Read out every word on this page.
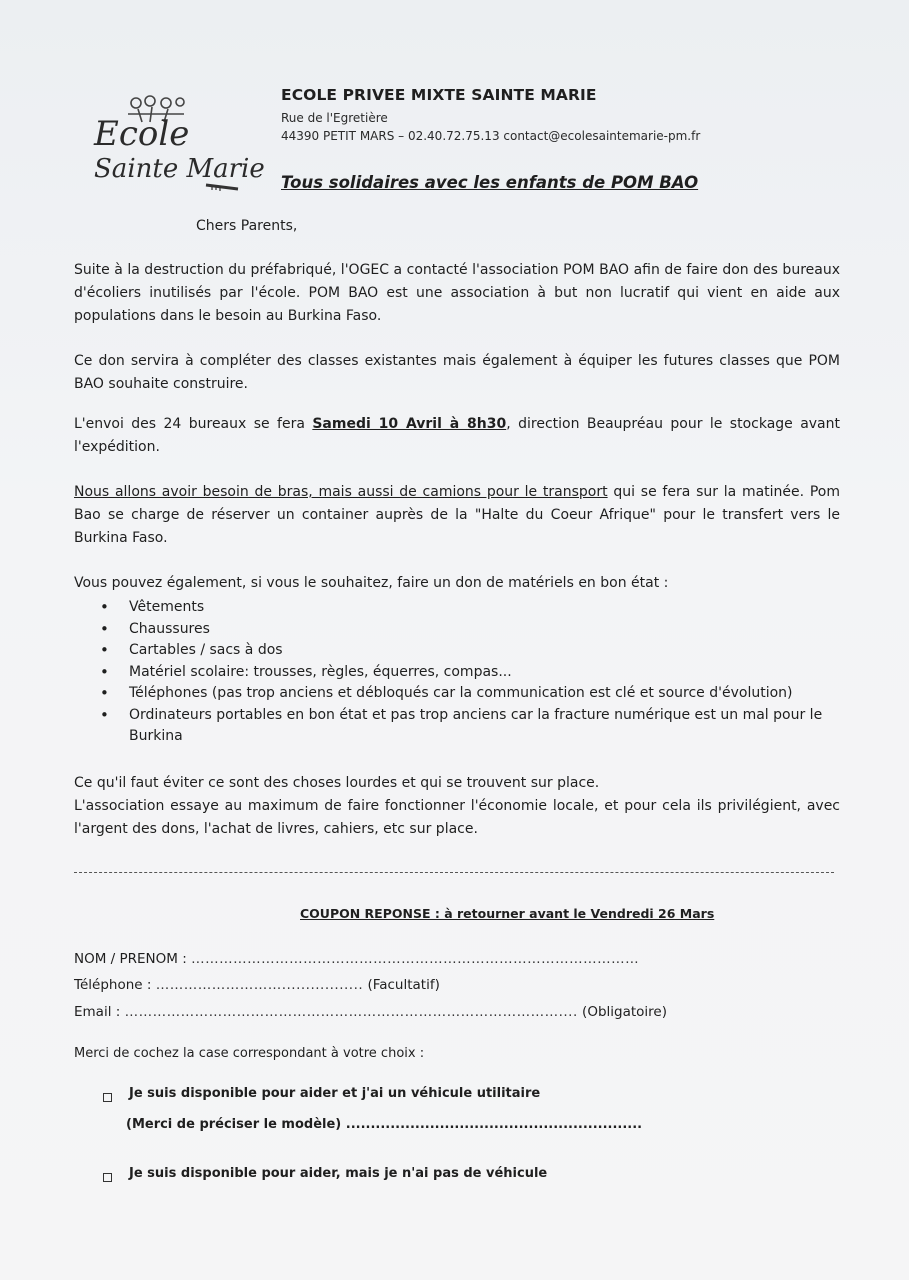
Ecole
Sainte Marie
ECOLE PRIVEE MIXTE SAINTE MARIE
Rue de l'Egretière
44390 PETIT MARS – 02.40.72.75.13 contact@ecolesaintemarie-pm.fr
Tous solidaires avec les enfants de POM BAO
Chers Parents,
Suite à la destruction du préfabriqué, l'OGEC a contacté l'association POM BAO afin de faire don des bureaux d'écoliers inutilisés par l'école. POM BAO est une association à but non lucratif qui vient en aide aux populations dans le besoin au Burkina Faso.
Ce don servira à compléter des classes existantes mais également à équiper les futures classes que POM BAO souhaite construire.
L'envoi des 24 bureaux se fera Samedi 10 Avril à 8h30, direction Beaupréau pour le stockage avant l'expédition.
Nous allons avoir besoin de bras, mais aussi de camions pour le transport qui se fera sur la matinée. Pom Bao se charge de réserver un container auprès de la "Halte du Coeur Afrique" pour le transfert vers le Burkina Faso.
Vous pouvez également, si vous le souhaitez, faire un don de matériels en bon état :
• Vêtements
• Chaussures
• Cartables / sacs à dos
• Matériel scolaire: trousses, règles, équerres, compas...
• Téléphones (pas trop anciens et débloqués car la communication est clé et source d'évolution)
• Ordinateurs portables en bon état et pas trop anciens car la fracture numérique est un mal pour le Burkina
Ce qu'il faut éviter ce sont des choses lourdes et qui se trouvent sur place.
L'association essaye au maximum de faire fonctionner l'économie locale, et pour cela ils privilégient, avec l'argent des dons, l'achat de livres, cahiers, etc sur place.
COUPON REPONSE : à retourner avant le Vendredi 26 Mars
NOM / PRENOM : ……………………………………………………………………………………
Téléphone : ………………………................. (Facultatif)
Email : ………………………………………………………………………………….... (Obligatoire)
Merci de cochez la case correspondant à votre choix :
Je suis disponible pour aider et j'ai un véhicule utilitaire
(Merci de préciser le modèle) ............................................................
Je suis disponible pour aider, mais je n'ai pas de véhicule
